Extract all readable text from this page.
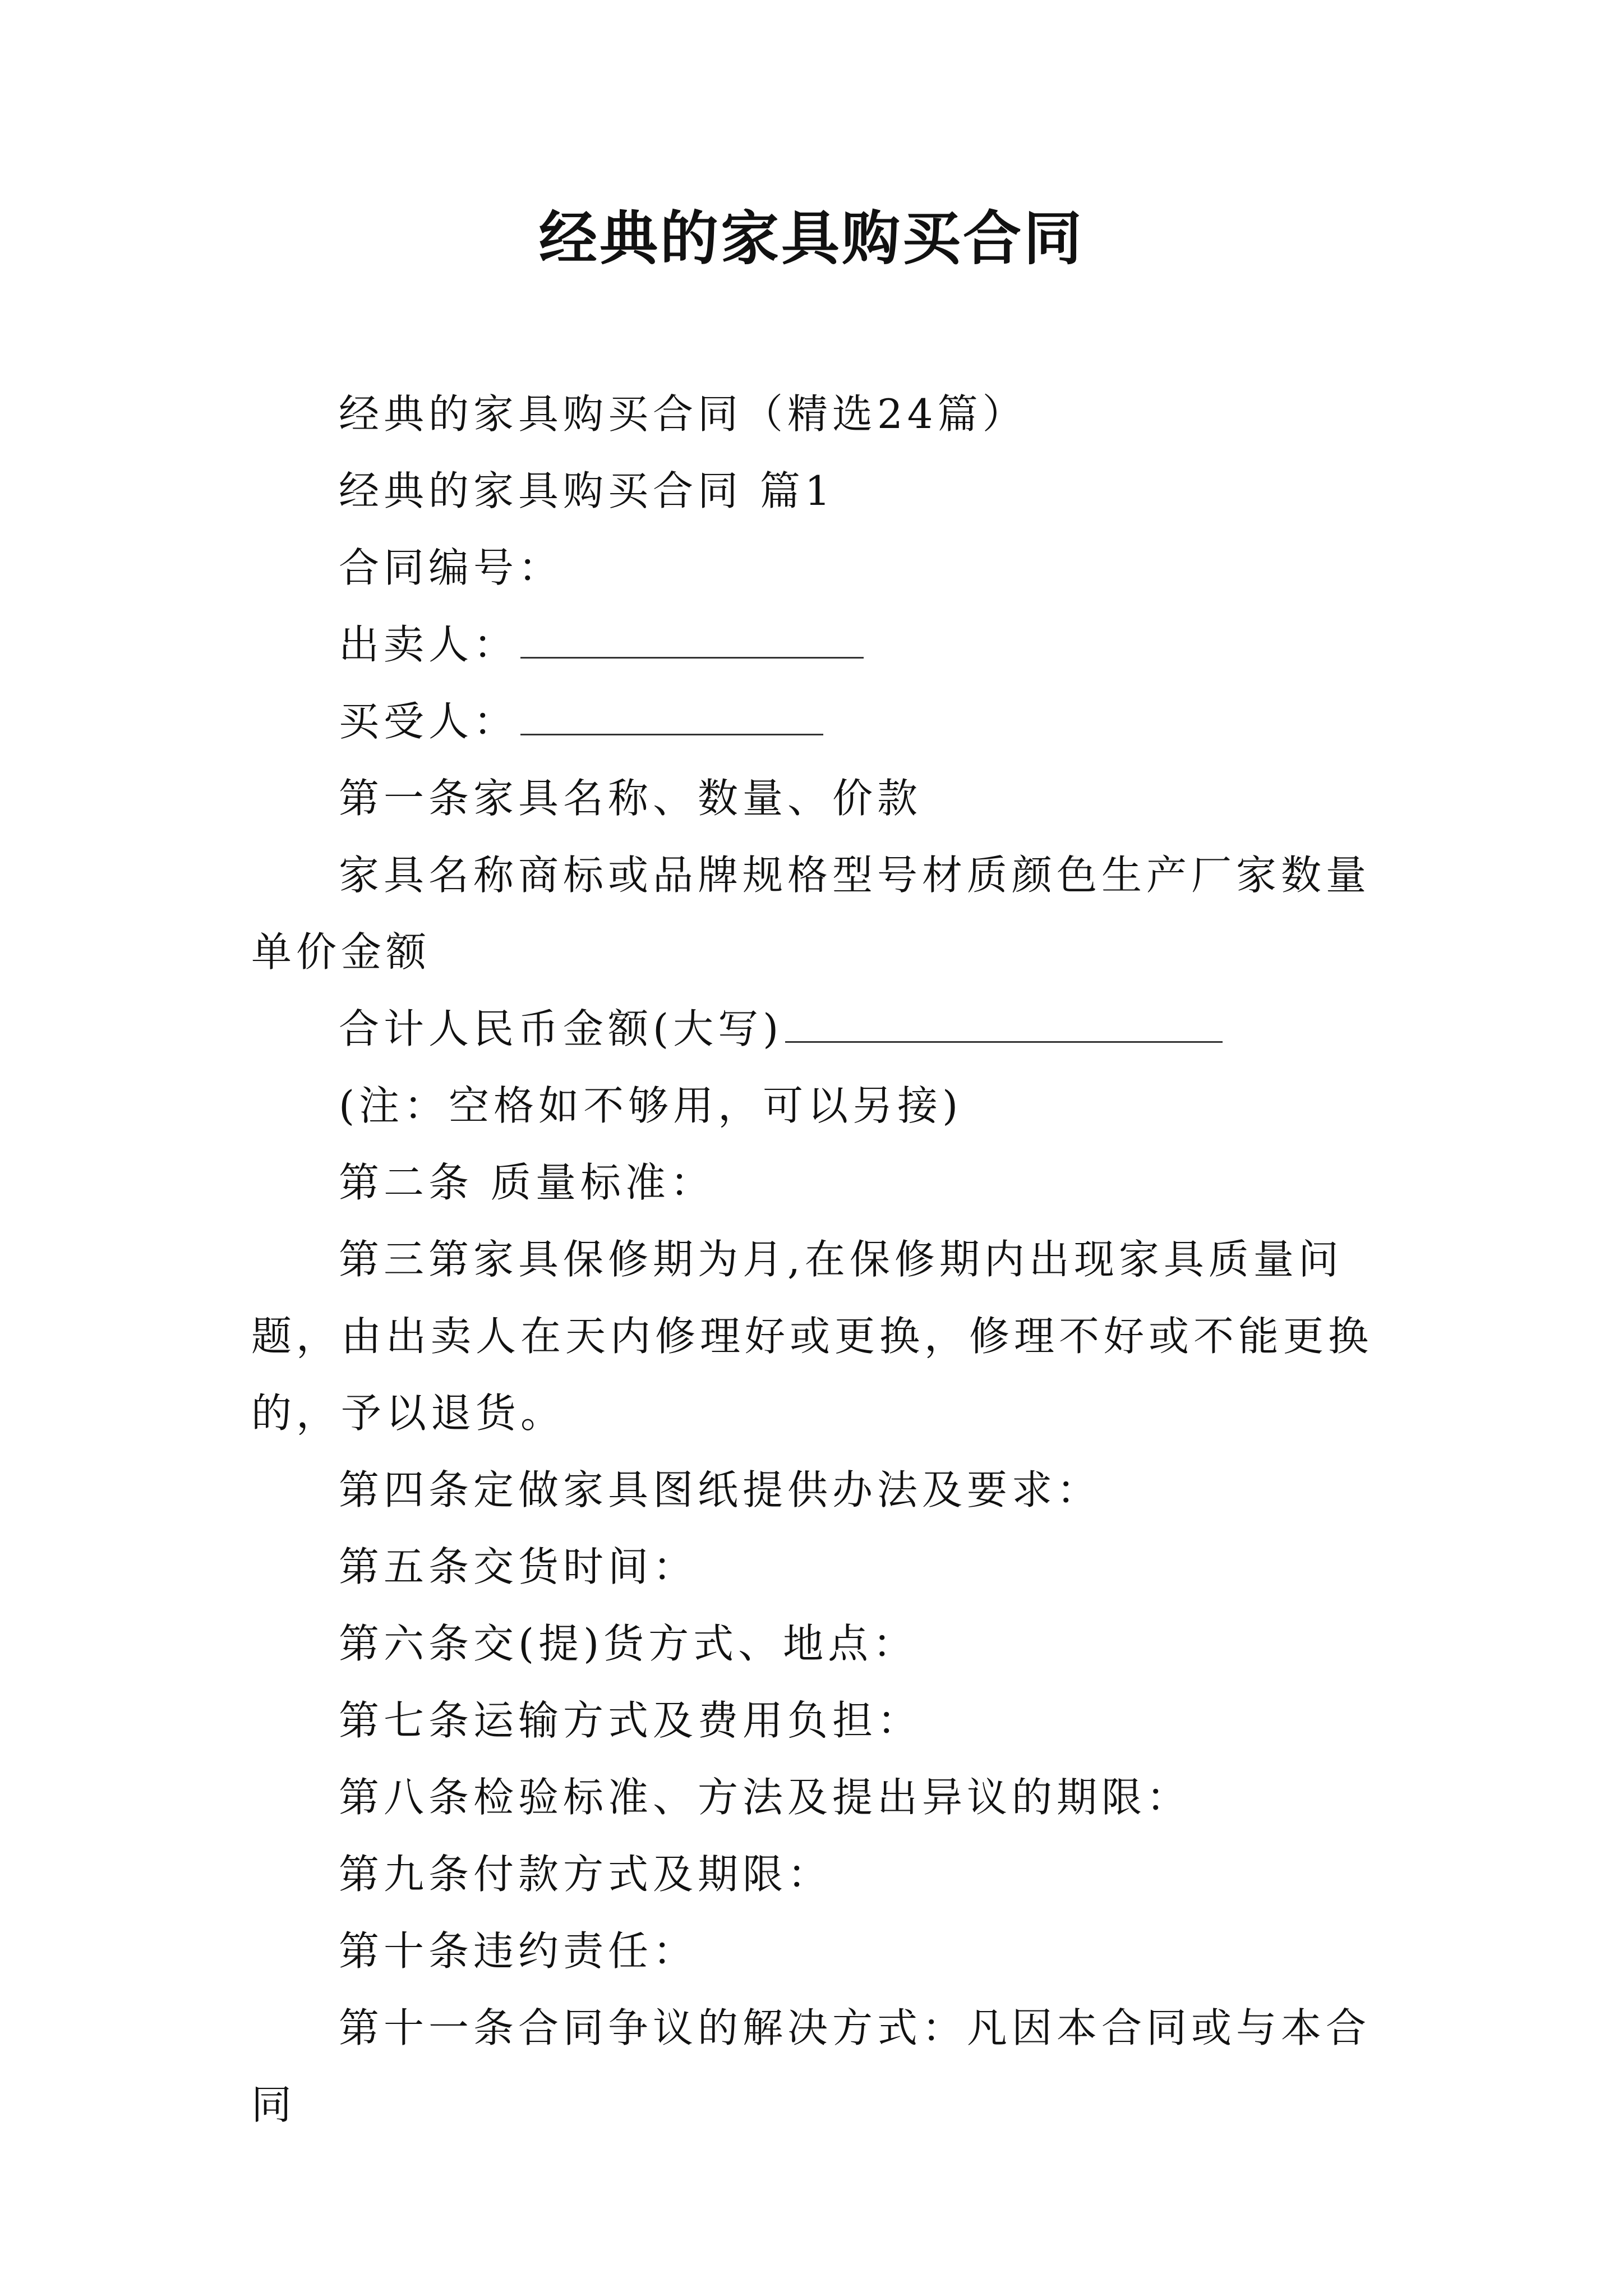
经典的家具购买合同

经典的家具购买合同（精选24篇）

经典的家具购买合同 篇1

合同编号：

出卖人：

买受人：

第一条家具名称、数量、价款

家具名称商标或品牌规格型号材质颜色生产厂家数量单价金额

合计人民币金额(大写)

(注：空格如不够用，可以另接)

第二条 质量标准：

第三第家具保修期为月,在保修期内出现家具质量问题，由出卖人在天内修理好或更换，修理不好或不能更换的，予以退货。

第四条定做家具图纸提供办法及要求：

第五条交货时间：

第六条交(提)货方式、地点：

第七条运输方式及费用负担：

第八条检验标准、方法及提出异议的期限：

第九条付款方式及期限：

第十条违约责任：

第十一条合同争议的解决方式：凡因本合同或与本合同
